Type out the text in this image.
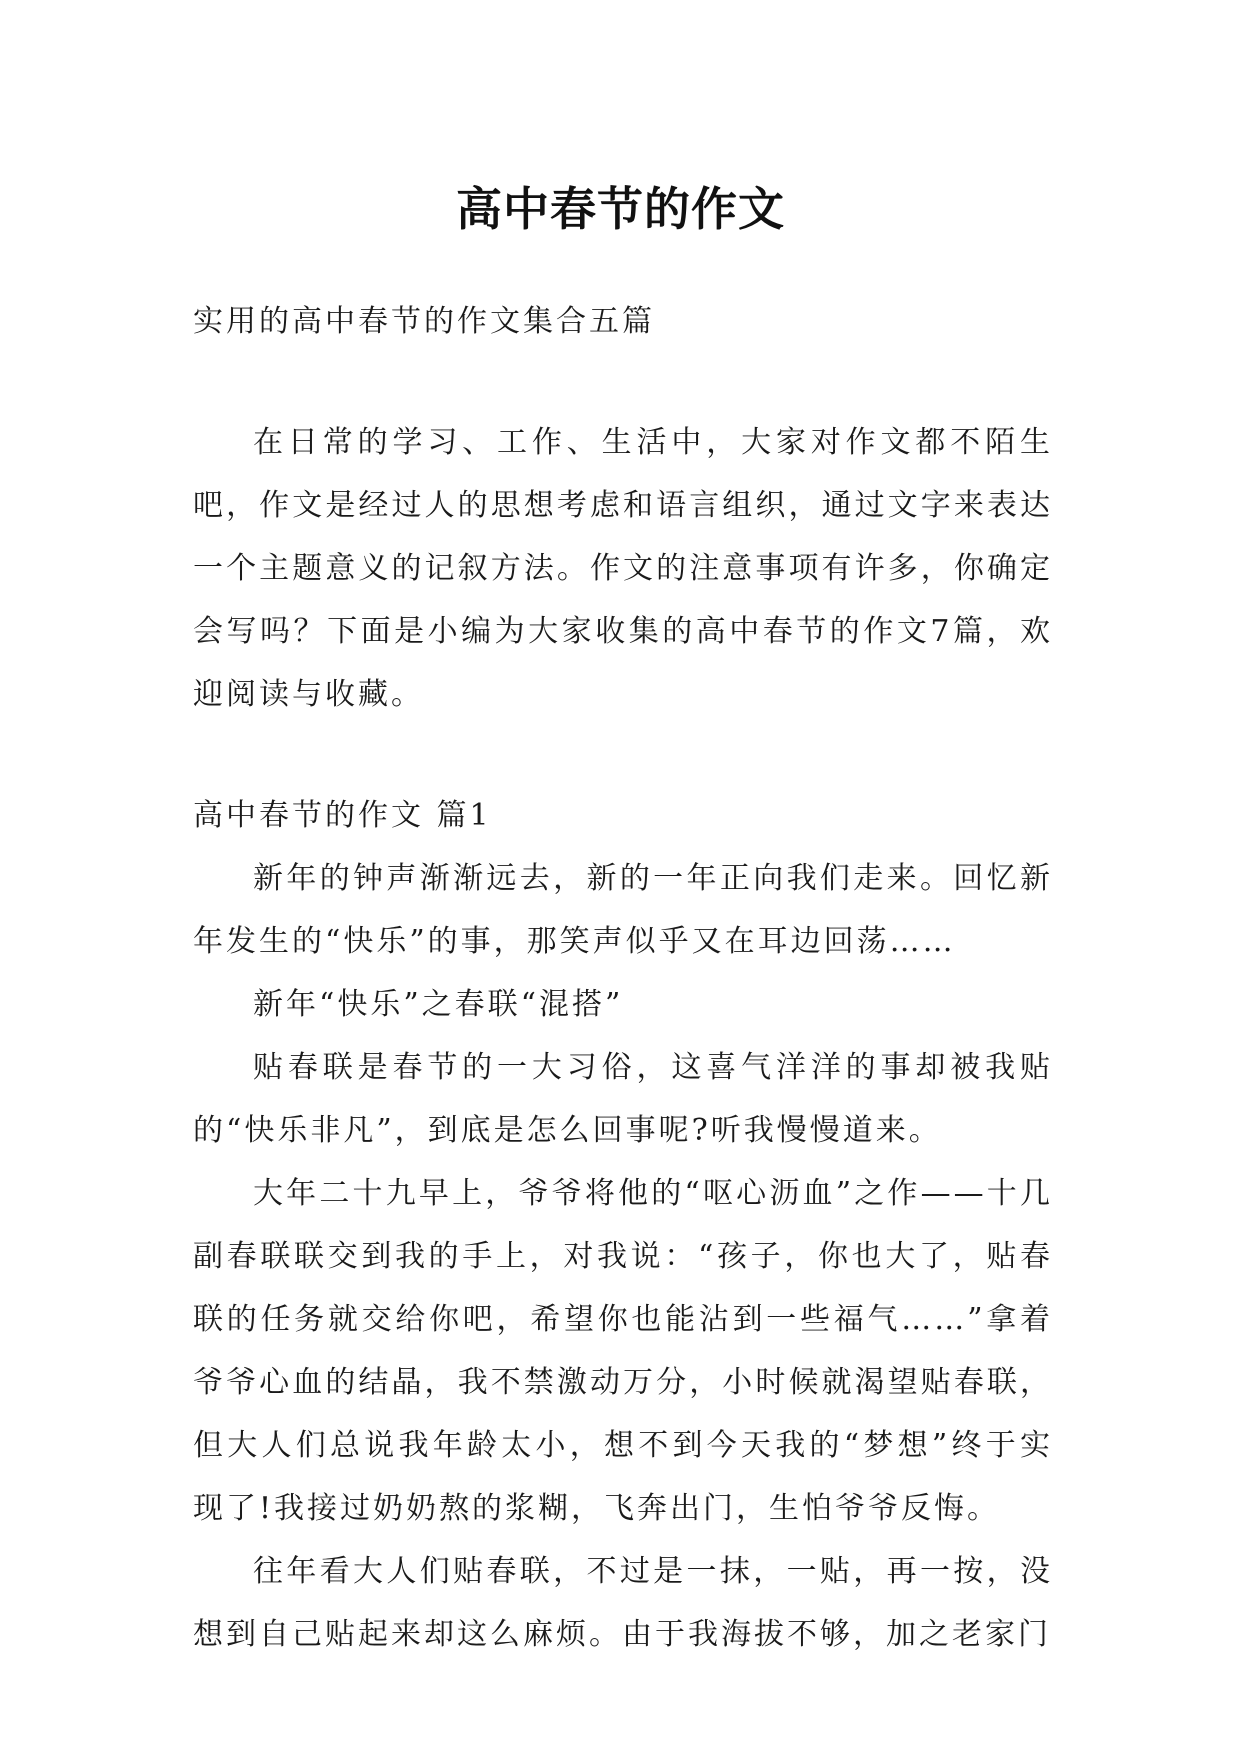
高中春节的作文

实用的高中春节的作文集合五篇

在日常的学习、工作、生活中，大家对作文都不陌生吧，作文是经过人的思想考虑和语言组织，通过文字来表达一个主题意义的记叙方法。作文的注意事项有许多，你确定会写吗？下面是小编为大家收集的高中春节的作文7篇，欢迎阅读与收藏。

高中春节的作文 篇1

新年的钟声渐渐远去，新的一年正向我们走来。回忆新年发生的“快乐”的事，那笑声似乎又在耳边回荡……

新年“快乐”之春联“混搭”

贴春联是春节的一大习俗，这喜气洋洋的事却被我贴的“快乐非凡”，到底是怎么回事呢?听我慢慢道来。

大年二十九早上，爷爷将他的“呕心沥血”之作——十几副春联联交到我的手上，对我说：“孩子，你也大了，贴春联的任务就交给你吧，希望你也能沾到一些福气……”拿着爷爷心血的结晶，我不禁激动万分，小时候就渴望贴春联，但大人们总说我年龄太小，想不到今天我的“梦想”终于实现了!我接过奶奶熬的浆糊，飞奔出门，生怕爷爷反悔。

往年看大人们贴春联，不过是一抹，一贴，再一按，没想到自己贴起来却这么麻烦。由于我海拔不够，加之老家门
